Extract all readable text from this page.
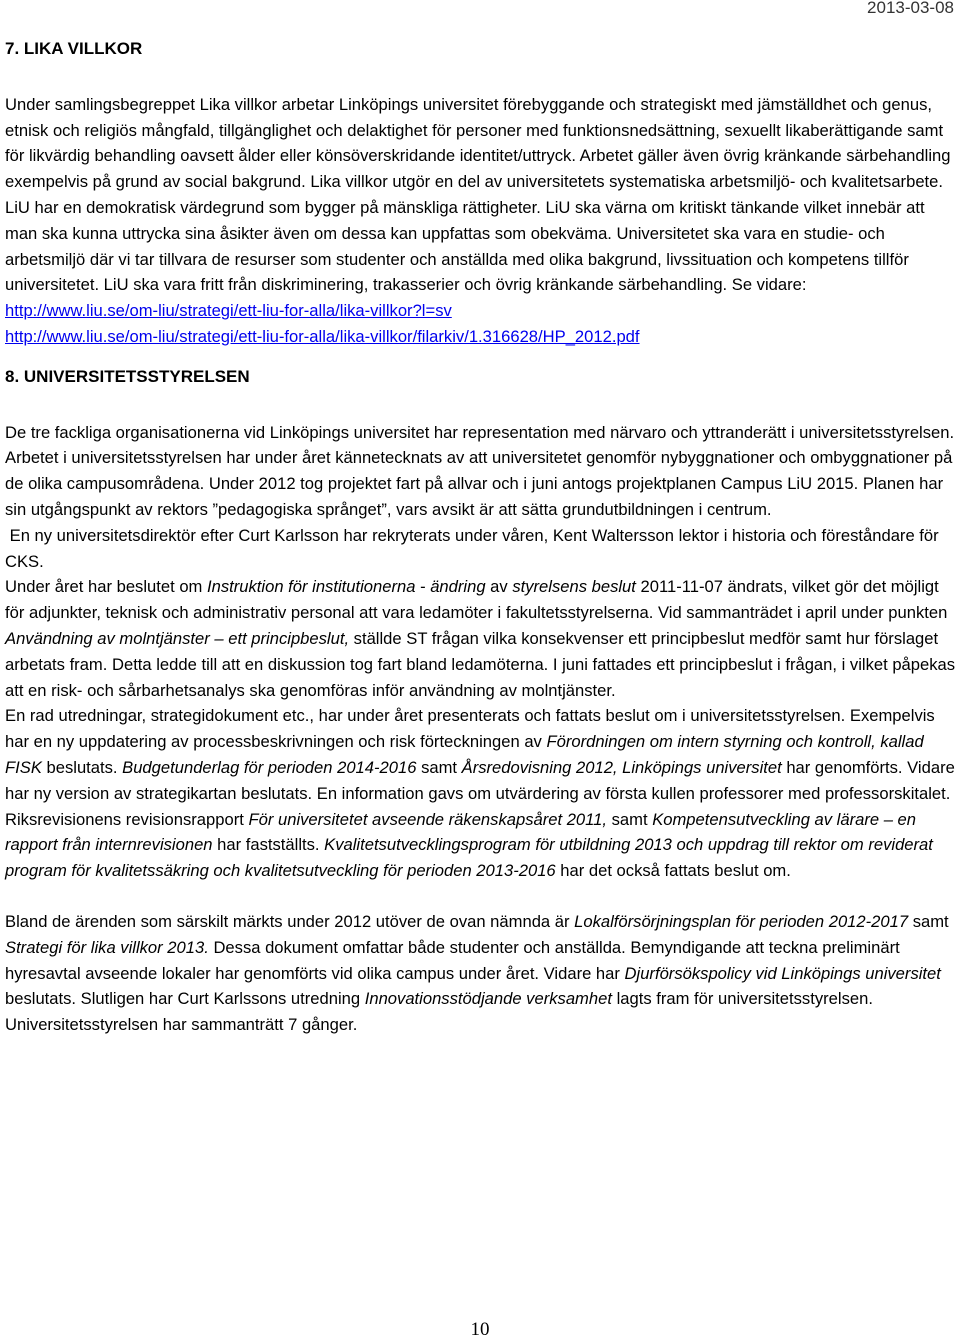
2013-03-08
7. LIKA VILLKOR

Under samlingsbegreppet Lika villkor arbetar Linköpings universitet förebyggande och strategiskt med jämställdhet och genus, etnisk och religiös mångfald, tillgänglighet och delaktighet för personer med funktionsnedsättning, sexuellt likaberättigande samt för likvärdig behandling oavsett ålder eller könsöverskridande identitet/uttryck. Arbetet gäller även övrig kränkande särbehandling exempelvis på grund av social bakgrund. Lika villkor utgör en del av universitetets systematiska arbetsmiljö- och kvalitetsarbete. LiU har en demokratisk värdegrund som bygger på mänskliga rättigheter. LiU ska värna om kritiskt tänkande vilket innebär att man ska kunna uttrycka sina åsikter även om dessa kan uppfattas som obekväma. Universitetet ska vara en studie- och arbetsmiljö där vi tar tillvara de resurser som studenter och anställda med olika bakgrund, livssituation och kompetens tillför universitetet. LiU ska vara fritt från diskriminering, trakasserier och övrig kränkande särbehandling. Se vidare:

http://www.liu.se/om-liu/strategi/ett-liu-for-alla/lika-villkor?l=sv
http://www.liu.se/om-liu/strategi/ett-liu-for-alla/lika-villkor/filarkiv/1.316628/HP_2012.pdf
8. UNIVERSITETSSTYRELSEN

De tre fackliga organisationerna vid Linköpings universitet har representation med närvaro och yttranderätt i universitetsstyrelsen. Arbetet i universitetsstyrelsen har under året kännetecknats av att universitetet genomför nybyggnationer och ombyggnationer på de olika campusområdena. Under 2012 tog projektet fart på allvar och i juni antogs projektplanen Campus LiU 2015. Planen har sin utgångspunkt av rektors ”pedagogiska språnget”, vars avsikt är att sätta grundutbildningen i centrum.

En ny universitetsdirektör efter Curt Karlsson har rekryterats under våren, Kent Waltersson lektor i historia och föreståndare för CKS.

Under året har beslutet om Instruktion för institutionerna - ändring av styrelsens beslut 2011-11-07 ändrats, vilket gör det möjligt för adjunkter, teknisk och administrativ personal att vara ledamöter i fakultetsstyrelserna. Vid sammanträdet i april under punkten Användning av molntjänster – ett principbeslut, ställde ST frågan vilka konsekvenser ett principbeslut medför samt hur förslaget arbetats fram. Detta ledde till att en diskussion tog fart bland ledamöterna. I juni fattades ett principbeslut i frågan, i vilket påpekas att en risk- och sårbarhetsanalys ska genomföras inför användning av molntjänster.

En rad utredningar, strategidokument etc., har under året presenterats och fattats beslut om i universitetsstyrelsen. Exempelvis har en ny uppdatering av processbeskrivningen och risk förteckningen av Förordningen om intern styrning och kontroll, kallad FISK beslutats. Budgetunderlag för perioden 2014-2016 samt Årsredovisning 2012, Linköpings universitet har genomförts. Vidare har ny version av strategikartan beslutats. En information gavs om utvärdering av första kullen professorer med professorskitalet. Riksrevisionens revisionsrapport För universitetet avseende räkenskapsåret 2011, samt Kompetensutveckling av lärare – en rapport från internrevisionen har fastställts. Kvalitetsutvecklingsprogram för utbildning 2013 och uppdrag till rektor om reviderat program för kvalitetssäkring och kvalitetsutveckling för perioden 2013-2016 har det också fattats beslut om.

Bland de ärenden som särskilt märkts under 2012 utöver de ovan nämnda är Lokalförsörjningsplan för perioden 2012-2017 samt Strategi för lika villkor 2013. Dessa dokument omfattar både studenter och anställda. Bemyndigande att teckna preliminärt hyresavtal avseende lokaler har genomförts vid olika campus under året. Vidare har Djurförsökspolicy vid Linköpings universitet beslutats. Slutligen har Curt Karlssons utredning Innovationsstödjande verksamhet lagts fram för universitetsstyrelsen. Universitetsstyrelsen har sammanträtt 7 gånger.

10
